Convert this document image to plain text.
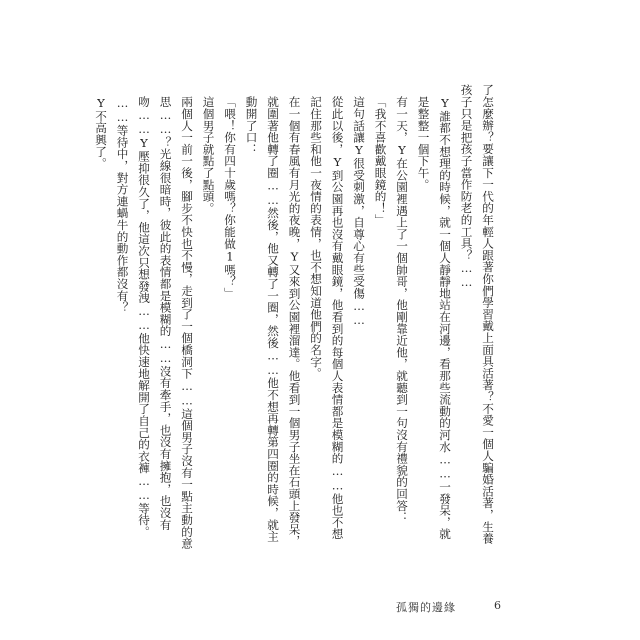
了怎麼辦？要讓下一代的年輕人跟著你們學習戴上面具活著？不愛一個人騙婚活著，生養孩子只是把孩子當作防老的工具？……

Y誰都不想理的時候，就一個人靜靜地站在河邊，看那些流動的河水……一發呆，就是整整一個下午。

有一天，Y在公園裡遇上了一個帥哥，他剛靠近他，就聽到一句沒有禮貌的回答：

「我不喜歡戴眼鏡的！」

這句話讓Y很受刺激，自尊心有些受傷……

從此以後，Y到公園再也沒有戴眼鏡，他看到的每個人表情都是模糊的……他也不想記住那些和他一夜情的表情，也不想知道他們的名字。

在一個有春風有月光的夜晚，Y又來到公園裡溜達。他看到一個男子坐在石頭上發呆，就圍著他轉了圈……然後，他又轉了一圈，然後……他不想再轉第四圈的時候，就主動開了口：

「喂！你有四十歲嗎？你能做1嗎？」

這個男子就點了點頭。

兩個人一前一後，腳步不快也不慢，走到了一個橋洞下……這個男子沒有一點主動的意思……？光線很暗時，彼此的表情都是模糊的……沒有牽手，也沒有擁抱，也沒有吻……Y壓抑很久了，他這次只想發洩……他快速地解開了自己的衣褲……等待。

……等待中，對方連蝸牛的動作都沒有？

Y不高興了。

孤獨的邊緣	6
